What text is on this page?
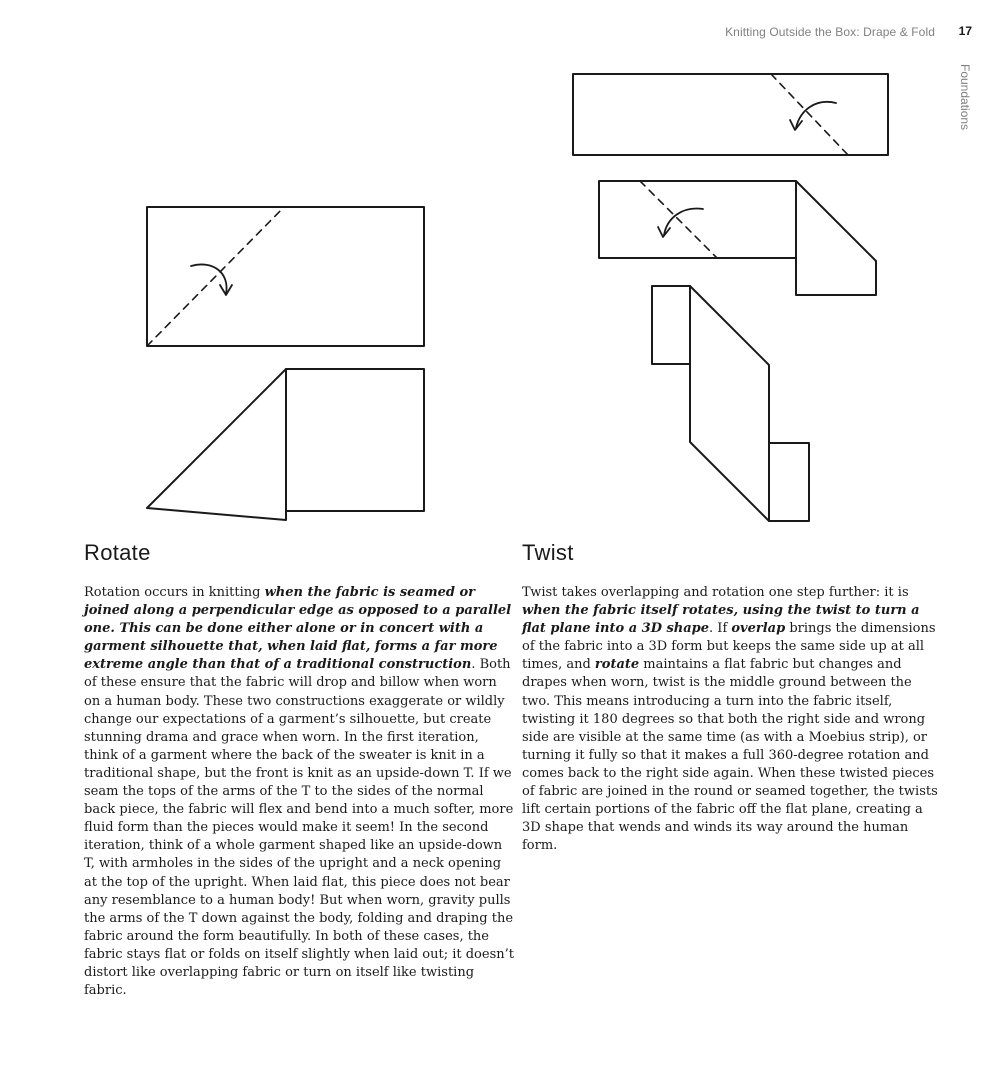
Knitting Outside the Box: Drape & Fold 17
Foundations
Rotate	Twist

Rotation occurs in knitting when the fabric is seamed or joined along a perpendicular edge as opposed to a parallel one. This can be done either alone or in concert with a garment silhouette that, when laid flat, forms a far more extreme angle than that of a traditional construction. Both of these ensure that the fabric will drop and billow when worn on a human body. These two constructions exaggerate or wildly change our expectations of a garment’s silhouette, but create stunning drama and grace when worn. In the first iteration, think of a garment where the back of the sweater is knit in a traditional shape, but the front is knit as an upside-down T. If we seam the tops of the arms of the T to the sides of the normal back piece, the fabric will flex and bend into a much softer, more fluid form than the pieces would make it seem! In the second iteration, think of a whole garment shaped like an upside-down T, with armholes in the sides of the upright and a neck opening at the top of the upright. When laid flat, this piece does not bear any resemblance to a human body! But when worn, gravity pulls the arms of the T down against the body, folding and draping the fabric around the form beautifully. In both of these cases, the fabric stays flat or folds on itself slightly when laid out; it doesn’t distort like overlapping fabric or turn on itself like twisting fabric.

Twist takes overlapping and rotation one step further: it is when the fabric itself rotates, using the twist to turn a flat plane into a 3D shape. If overlap brings the dimensions of the fabric into a 3D form but keeps the same side up at all times, and rotate maintains a flat fabric but changes and drapes when worn, twist is the middle ground between the two. This means introducing a turn into the fabric itself, twisting it 180 degrees so that both the right side and wrong side are visible at the same time (as with a Moebius strip), or turning it fully so that it makes a full 360-degree rotation and comes back to the right side again. When these twisted pieces of fabric are joined in the round or seamed together, the twists lift certain portions of the fabric off the flat plane, creating a 3D shape that wends and winds its way around the human form.
